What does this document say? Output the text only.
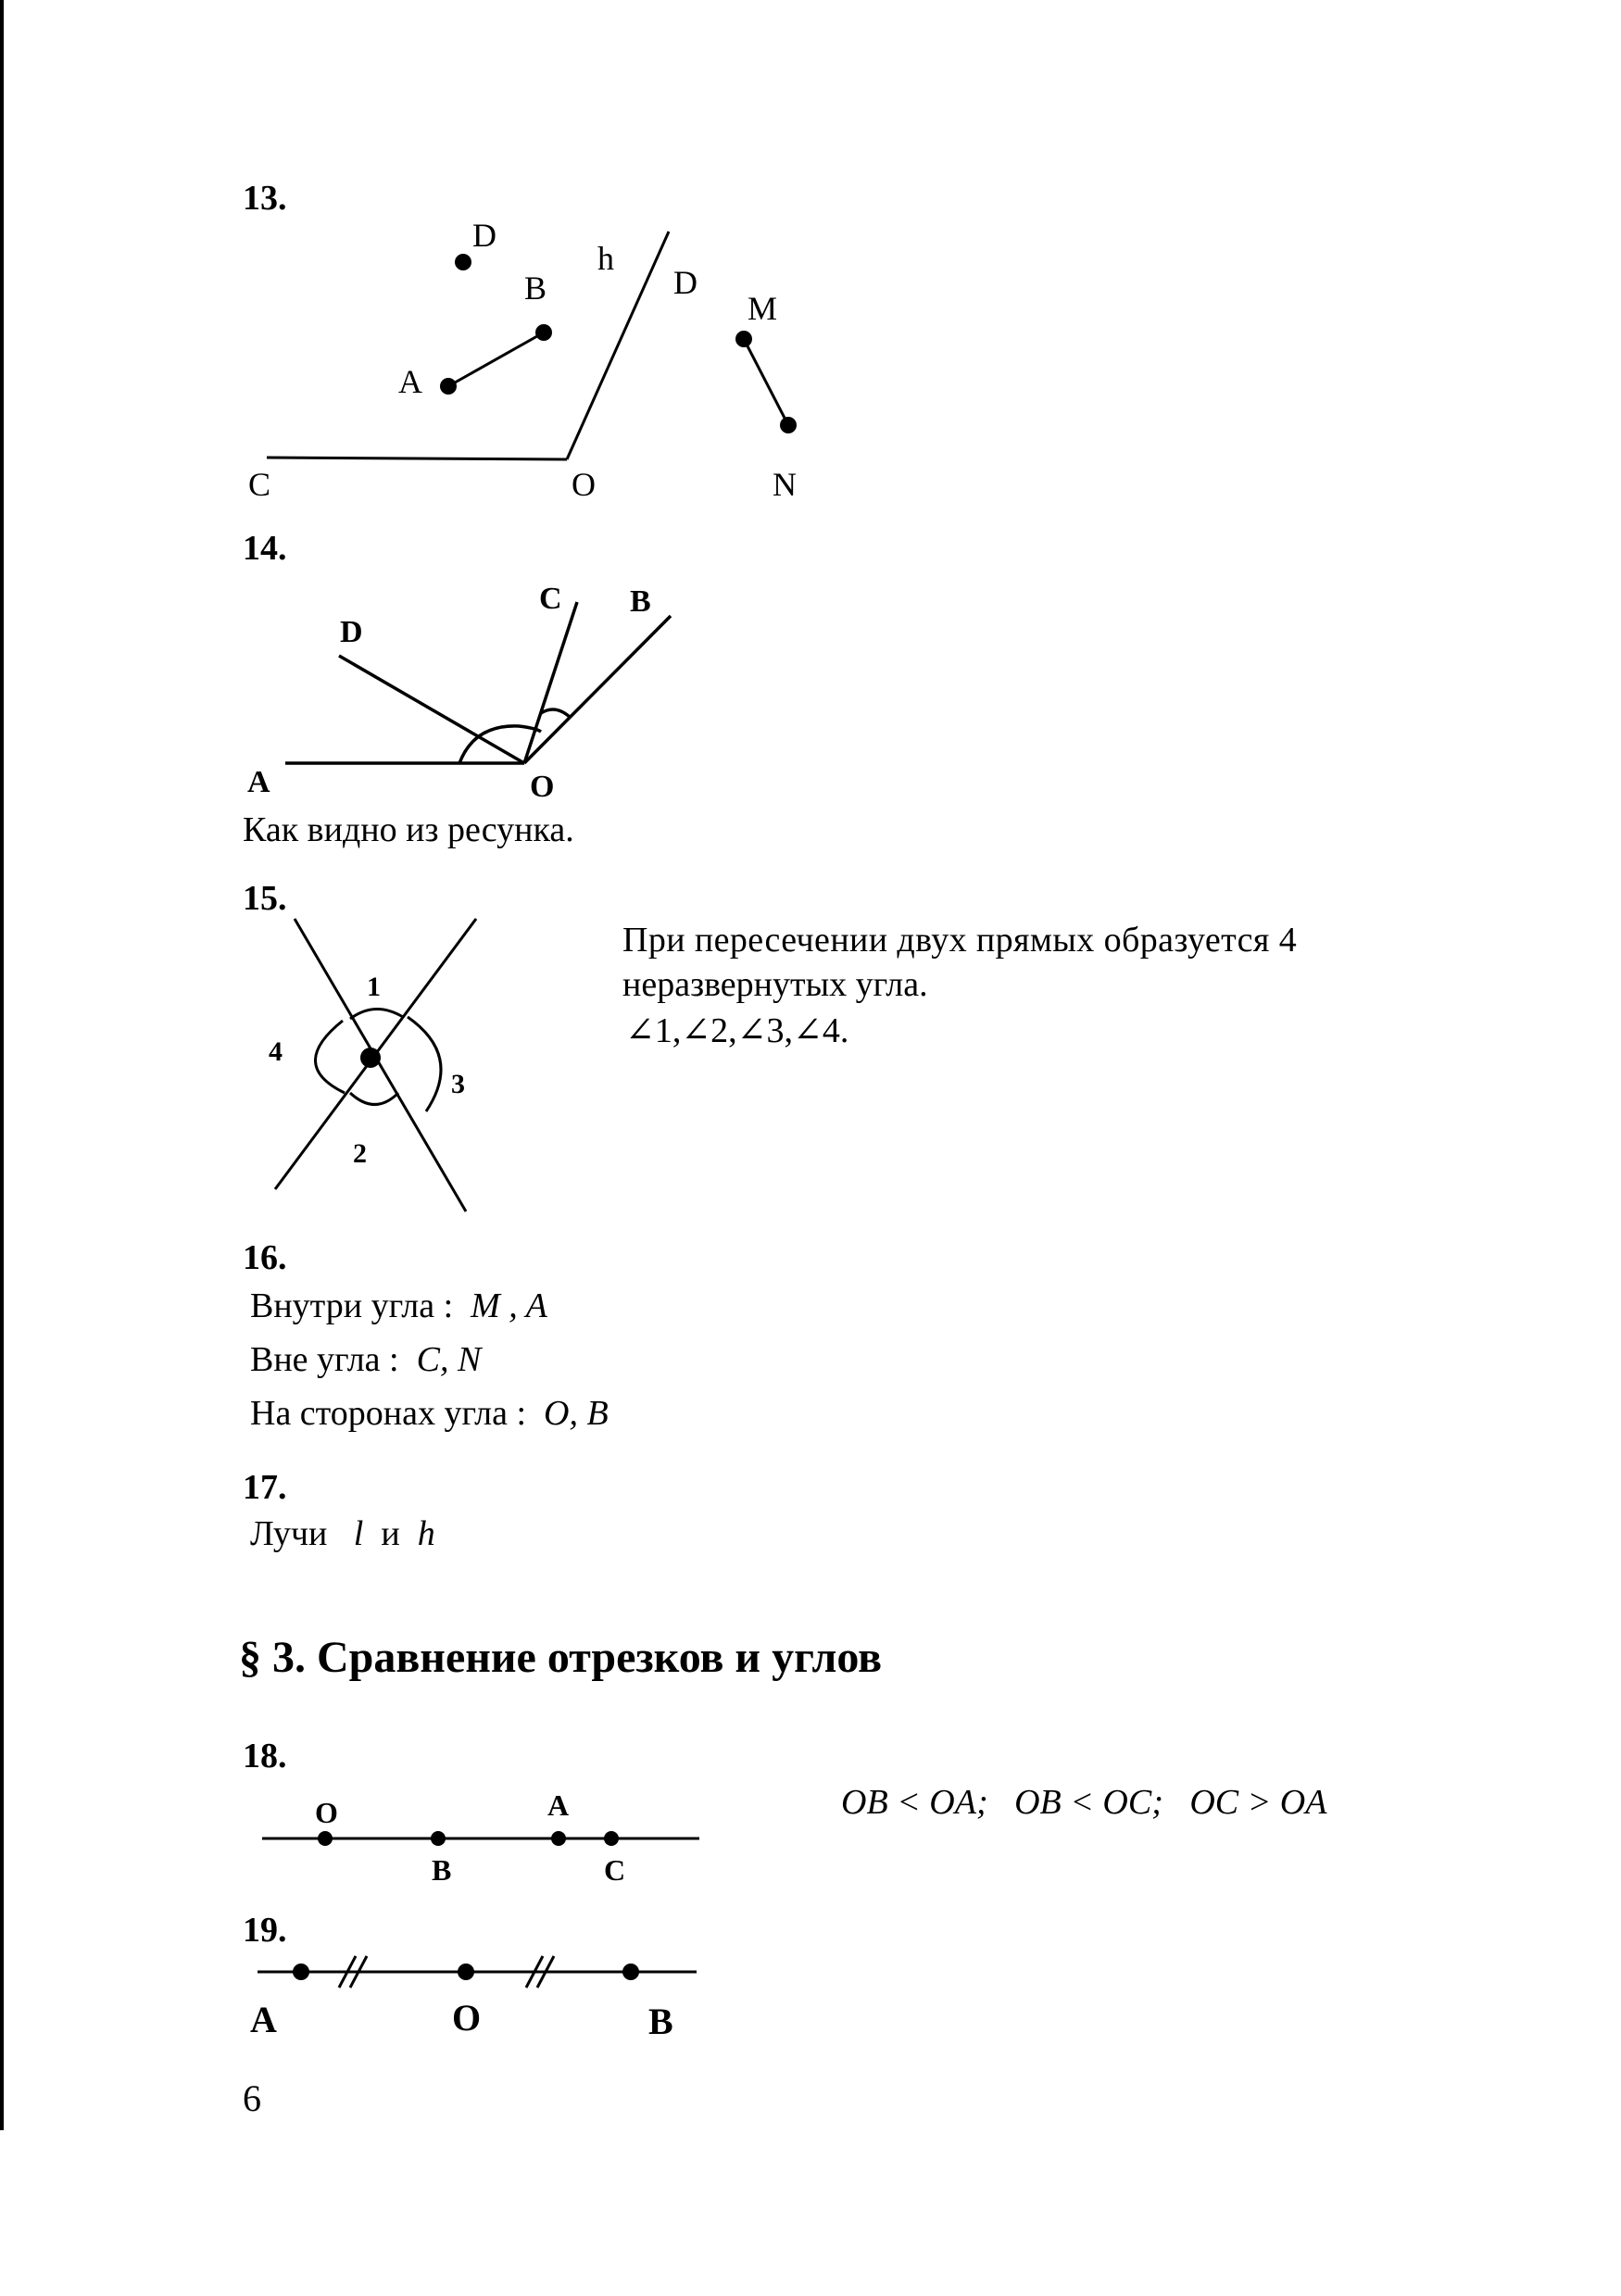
13.
D
h
B	D
M
A
C	O	N
C B
D
A	O
1
2
3
4
O	A
B	C
A	O	B
14.
Как видно из ресунка.
15.
При пересечении двух прямых образуется 4
неразвернутых угла.
∠1,∠2,∠3,∠4.
16.
Внутри угла : M , A
Вне угла : C, N
На сторонах угла : O, B
17.
Лучи l и h
§ 3. Сравнение отрезков и углов
18.
OB < OA;   OB < OC;   OC > OA
19.
6
